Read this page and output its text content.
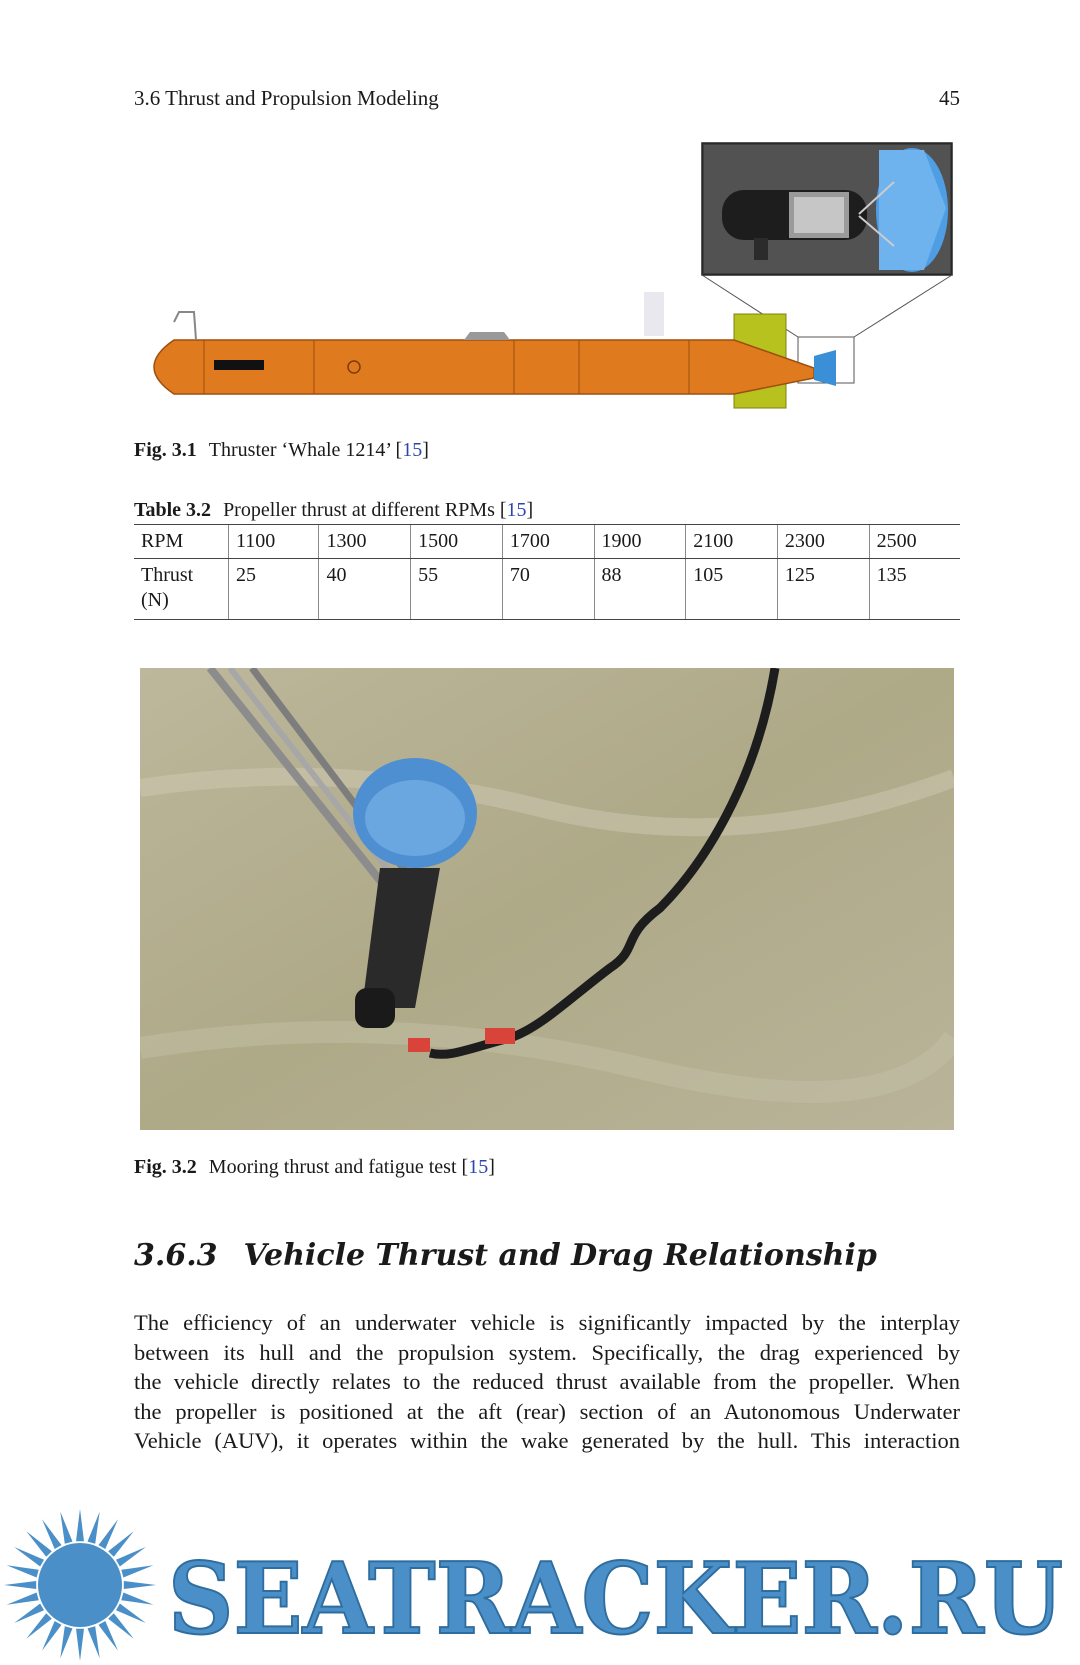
3.6 Thrust and Propulsion Modeling	45
Fig. 3.1 Thruster ‘Whale 1214’ [15]
Table 3.2 Propeller thrust at different RPMs [15]
RPM	1100	1300	1500	1700	1900	2100	2300	2500
Thrust
(N)	25	40	55	70	88	105	125	135
Fig. 3.2 Mooring thrust and fatigue test [15]
3.6.3 Vehicle Thrust and Drag Relationship
The efficiency of an underwater vehicle is significantly impacted by the interplay
between its hull and the propulsion system. Specifically, the drag experienced by
the vehicle directly relates to the reduced thrust available from the propeller. When
the propeller is positioned at the aft (rear) section of an Autonomous Underwater
Vehicle (AUV), it operates within the wake generated by the hull. This interaction
SEATRACKER.RU
